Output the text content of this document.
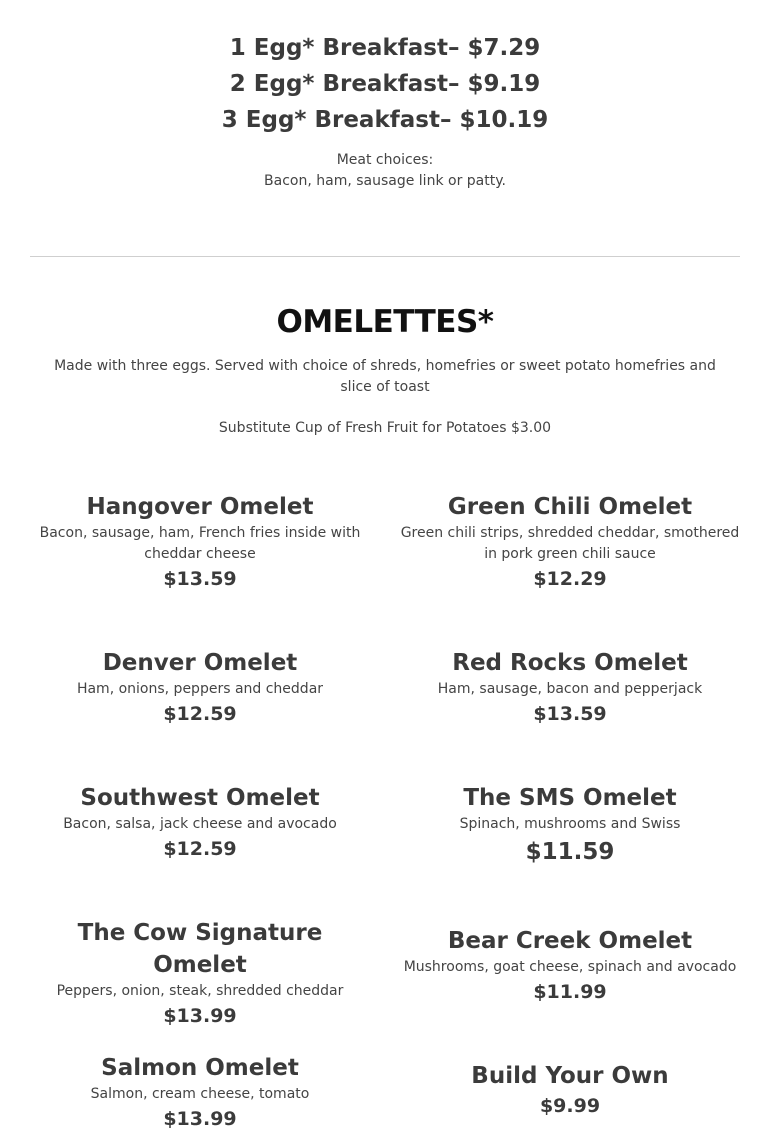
1 Egg* Breakfast– $7.29
2 Egg* Breakfast– $9.19
3 Egg* Breakfast– $10.19
Meat choices:
Bacon, ham, sausage link or patty.
OMELETTES*
Made with three eggs. Served with choice of shreds, homefries or sweet potato homefries and slice of toast
Substitute Cup of Fresh Fruit for Potatoes $3.00
Hangover Omelet
Bacon, sausage, ham, French fries inside with cheddar cheese
$13.59
Green Chili Omelet
Green chili strips, shredded cheddar, smothered in pork green chili sauce
$12.29
Denver Omelet
Ham, onions, peppers and cheddar
$12.59
Red Rocks Omelet
Ham, sausage, bacon and pepperjack
$13.59
Southwest Omelet
Bacon, salsa, jack cheese and avocado
$12.59
The SMS Omelet
Spinach, mushrooms and Swiss
$11.59
The Cow Signature Omelet
Peppers, onion, steak, shredded cheddar
$13.99
Bear Creek Omelet
Mushrooms, goat cheese, spinach and avocado
$11.99
Salmon Omelet
Salmon, cream cheese, tomato
$13.99
Build Your Own
$9.99
